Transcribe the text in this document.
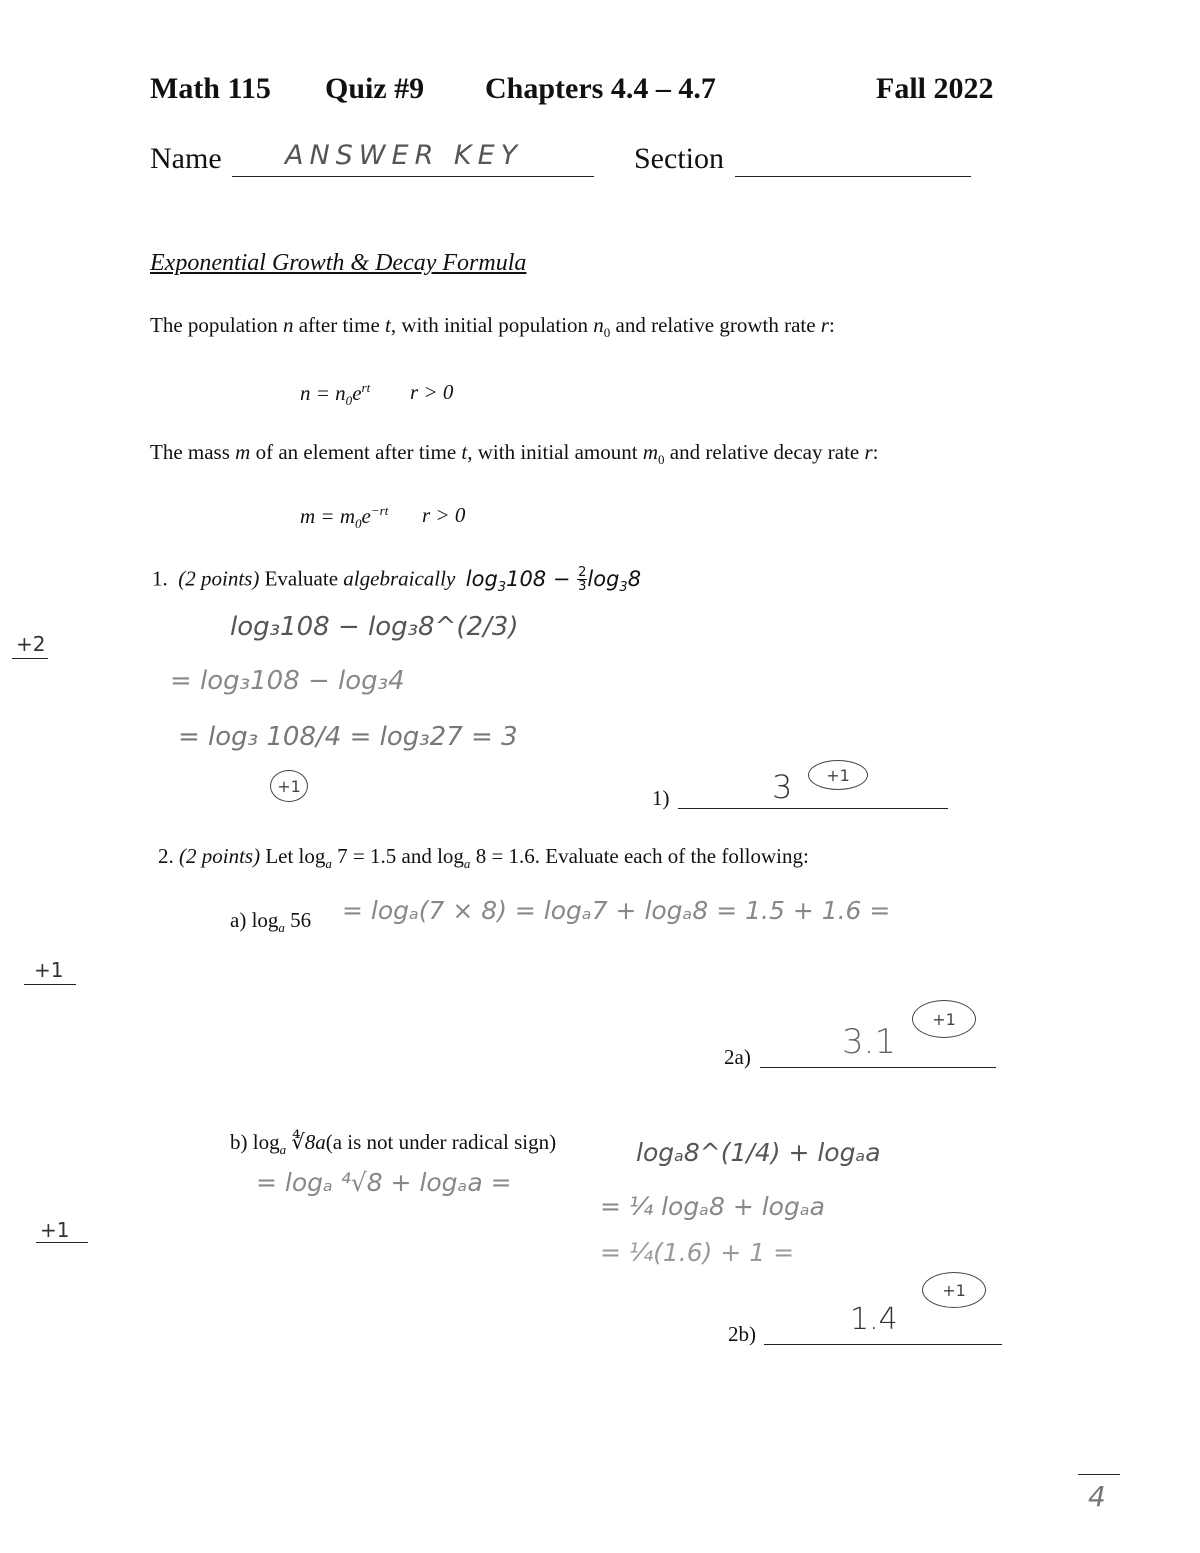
Math 115 Quiz #9 Chapters 4.4 – 4.7	Fall 2022
Name ANSWER KEY	Section
Exponential Growth & Decay Formula
The population n after time t, with initial population $n_0$ and relative growth rate r:
$n = n_0e^{rt}$ r > 0
The mass m of an element after time t, with initial amount $m_0$ and relative decay rate r:
$m = m_0e^{-rt}$ r > 0
1. (2 points) Evaluate algebraically $\log_3108 - \frac{2}{3} \log_38$
log₃108 − log₃8^(2/3)
= log₃108 − log₃4
= log₃ 108/4 = log₃27 = 3
+1	1)	3	+1
+2
2. (2 points) Let $\log_a 7 = 1.5$ and $\log_a 8 = 1.6$. Evaluate each of the following:
a) $\log_a 56 = \log_a(7 \times 8) = \log_a7 + \log_a8 = 1.5 + 1.6$ =
2a)	3.1
+1
+1
b) $\log_a$ ∜8a(a is not under radical sign)
= logₐ ⁴√8 + logₐa =
logₐ8^(1/4) + logₐa
= ¼ logₐ8 + logₐa
= ¼(1.6) + 1 =
2b)	1.4
+1
+1
4
